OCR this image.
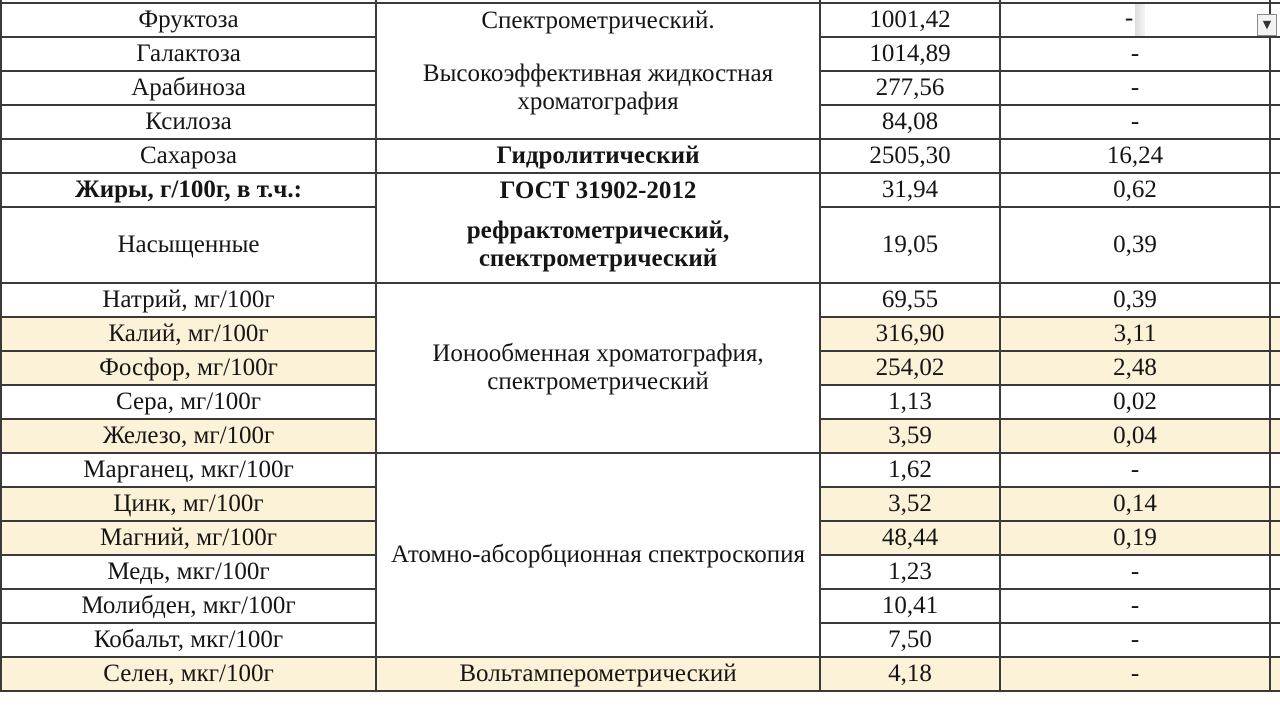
Фруктоза	Спектрометрический.	1001,42	-	
Галактоза	Высокоэффективная жидкостная хроматография	1014,89	-	
Арабиноза		277,56	-	
Ксилоза		84,08	-	
Сахароза	Гидролитический	2505,30	16,24	
Жиры, г/100г, в т.ч.:	ГОСТ 31902-2012	31,94	0,62	
Насыщенные	рефрактометрический, спектрометрический	19,05	0,39	
Натрий, мг/100г	Ионообменная хроматография, спектрометрический	69,55	0,39	
Калий, мг/100г		316,90	3,11	
Фосфор, мг/100г		254,02	2,48	
Сера, мг/100г		1,13	0,02	
Железо, мг/100г		3,59	0,04	
Марганец, мкг/100г	Атомно-абсорбционная спектроскопия	1,62	-	
Цинк, мг/100г		3,52	0,14	
Магний, мг/100г		48,44	0,19	
Медь, мкг/100г		1,23	-	
Молибден, мкг/100г		10,41	-	
Кобальт, мкг/100г		7,50	-	
Селен, мкг/100г	Вольтамперометрический	4,18	-	
▼
